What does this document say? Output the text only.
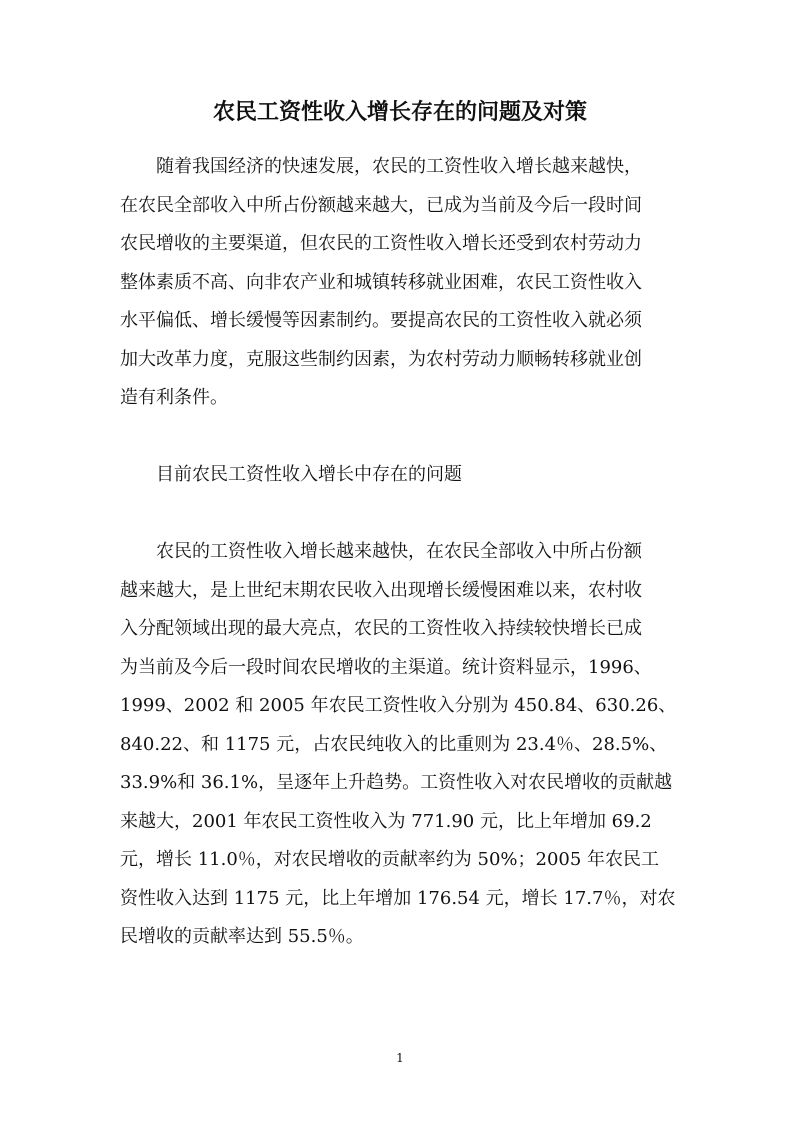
农民工资性收入增长存在的问题及对策
随着我国经济的快速发展，农民的工资性收入增长越来越快，
在农民全部收入中所占份额越来越大，已成为当前及今后一段时间
农民增收的主要渠道，但农民的工资性收入增长还受到农村劳动力
整体素质不高、向非农产业和城镇转移就业困难，农民工资性收入
水平偏低、增长缓慢等因素制约。要提高农民的工资性收入就必须
加大改革力度，克服这些制约因素，为农村劳动力顺畅转移就业创
造有利条件。
目前农民工资性收入增长中存在的问题
农民的工资性收入增长越来越快，在农民全部收入中所占份额
越来越大，是上世纪末期农民收入出现增长缓慢困难以来，农村收
入分配领域出现的最大亮点，农民的工资性收入持续较快增长已成
为当前及今后一段时间农民增收的主渠道。统计资料显示，1996、
1999、2002 和 2005 年农民工资性收入分别为 450.84、630.26、
840.22、和 1175 元，占农民纯收入的比重则为 23.4％、28.5%、
33.9%和 36.1%，呈逐年上升趋势。工资性收入对农民增收的贡献越
来越大，2001 年农民工资性收入为 771.90 元，比上年增加 69.2
元，增长 11.0％，对农民增收的贡献率约为 50%；2005 年农民工
资性收入达到 1175 元，比上年增加 176.54 元，增长 17.7％，对农
民增收的贡献率达到 55.5％。
1
